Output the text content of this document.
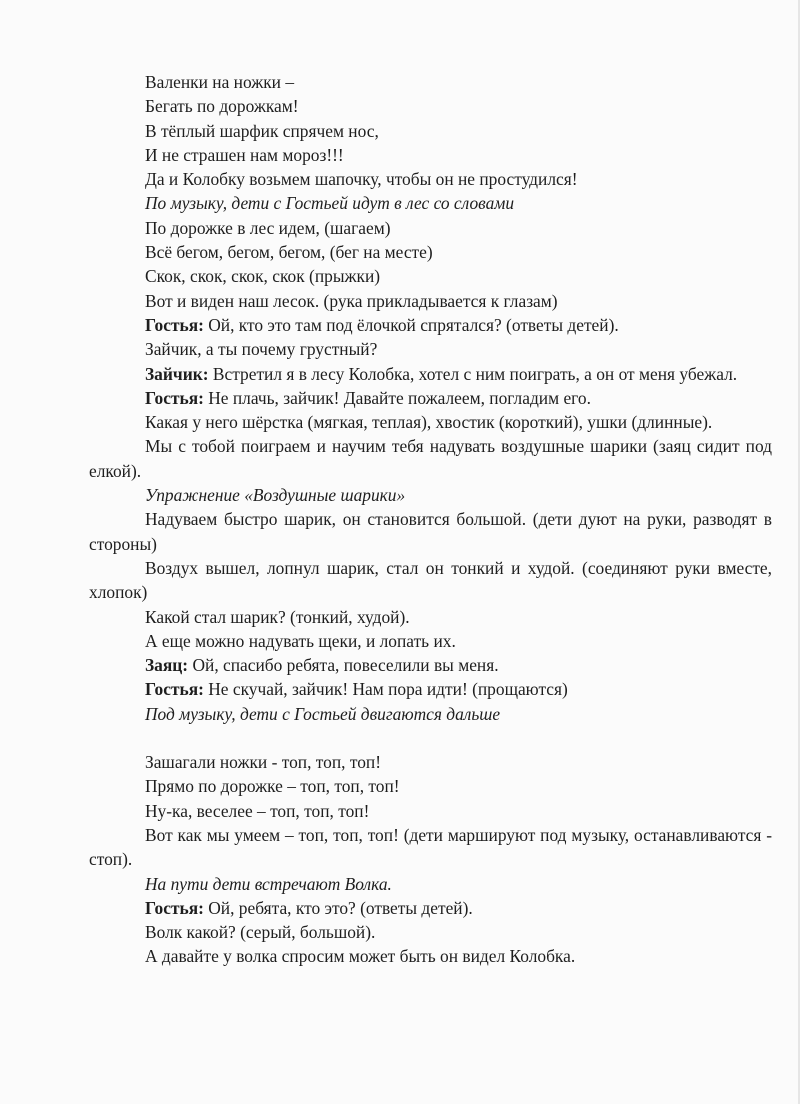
Валенки на ножки –

Бегать по дорожкам!

В тёплый шарфик спрячем нос,

И не страшен нам мороз!!!

Да и Колобку возьмем шапочку, чтобы он не простудился!

По музыку, дети с Гостьей идут в лес со словами

По дорожке в лес идем, (шагаем)

Всё бегом, бегом, бегом, (бег на месте)

Скок, скок, скок, скок (прыжки)

Вот и виден наш лесок. (рука прикладывается к глазам)

Гостья: Ой, кто это там под ёлочкой спрятался? (ответы детей).

Зайчик, а ты почему грустный?

Зайчик: Встретил я в лесу Колобка, хотел с ним поиграть, а он от меня убежал.

Гостья: Не плачь, зайчик! Давайте пожалеем, погладим его.

Какая у него шёрстка (мягкая, теплая), хвостик (короткий), ушки (длинные).

Мы с тобой поиграем и научим тебя надувать воздушные шарики (заяц сидит под елкой).

Упражнение «Воздушные шарики»

Надуваем быстро шарик, он становится большой. (дети дуют на руки, разводят в стороны)

Воздух вышел, лопнул шарик, стал он тонкий и худой. (соединяют руки вместе, хлопок)

Какой стал шарик? (тонкий, худой).

А еще можно надувать щеки, и лопать их.

Заяц: Ой, спасибо ребята, повеселили вы меня.

Гостья: Не скучай, зайчик! Нам пора идти! (прощаются)

Под музыку, дети с Гостьей двигаются дальше

Зашагали ножки - топ, топ, топ!

Прямо по дорожке – топ, топ, топ!

Ну-ка, веселее – топ, топ, топ!

Вот как мы умеем – топ, топ, топ! (дети маршируют под музыку, останавливаются - стоп).

На пути дети встречают Волка.

Гостья: Ой, ребята, кто это? (ответы детей).

Волк какой? (серый, большой).

А давайте у волка спросим может быть он видел Колобка.
